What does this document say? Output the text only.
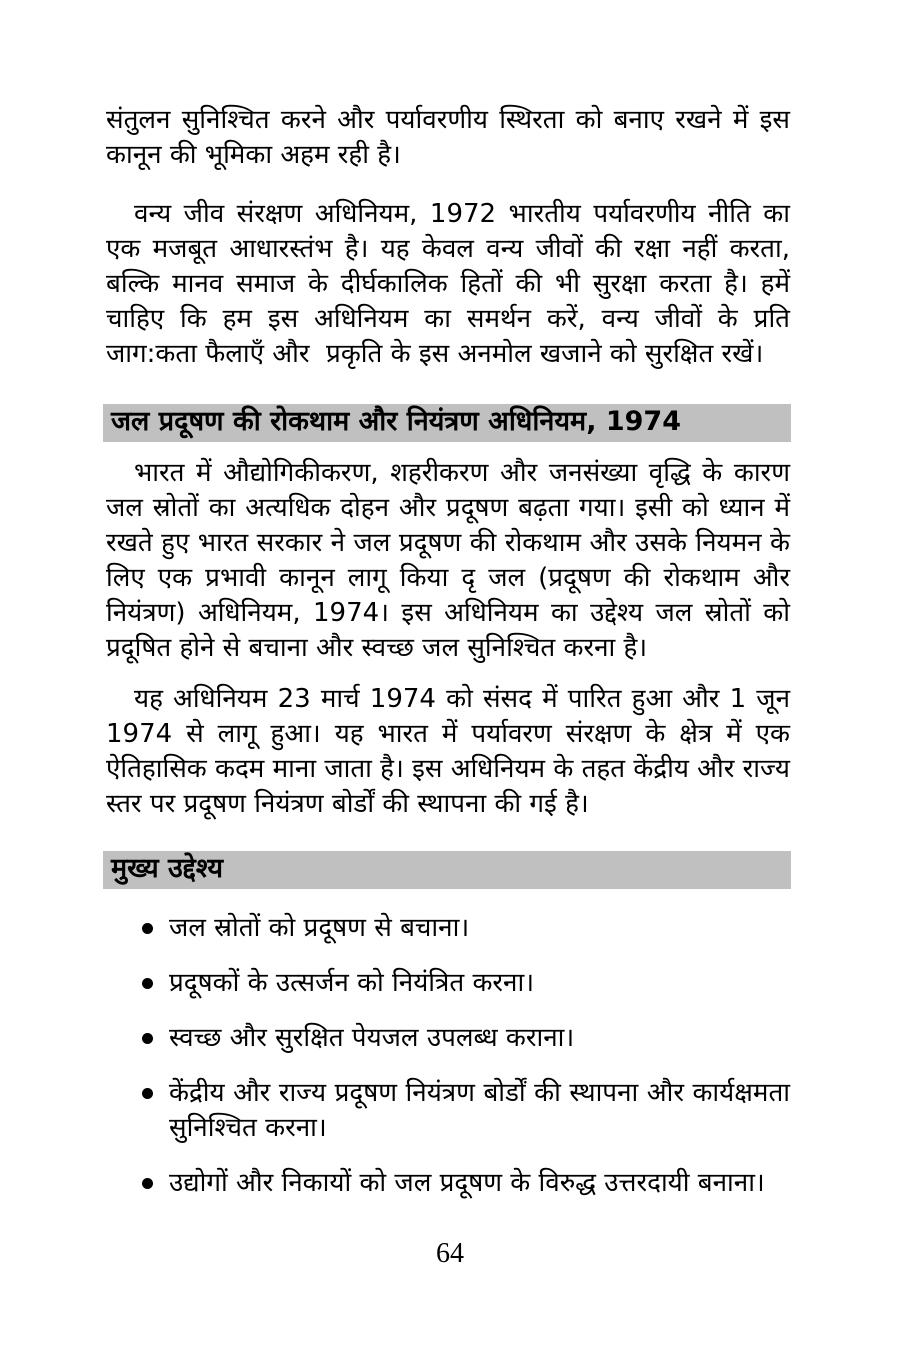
संतुलन सुनिश्चित करने और पर्यावरणीय स्थिरता को बनाए रखने में इस कानून की भूमिका अहम रही है।

वन्य जीव संरक्षण अधिनियम, 1972 भारतीय पर्यावरणीय नीति का एक मजबूत आधारस्तंभ है। यह केवल वन्य जीवों की रक्षा नहीं करता, बल्कि मानव समाज के दीर्घकालिक हितों की भी सुरक्षा करता है। हमें चाहिए कि हम इस अधिनियम का समर्थन करें, वन्य जीवों के प्रति जाग:कता फैलाएँ और  प्रकृति के इस अनमोल खजाने को सुरक्षित रखें।

जल प्रदूषण की रोकथाम और नियंत्रण अधिनियम, 1974

भारत में औद्योगिकीकरण, शहरीकरण और जनसंख्या वृद्धि के कारण जल स्रोतों का अत्यधिक दोहन और प्रदूषण बढ़ता गया। इसी को ध्यान में रखते हुए भारत सरकार ने जल प्रदूषण की रोकथाम और उसके नियमन के लिए एक प्रभावी कानून लागू किया दृ जल (प्रदूषण की रोकथाम और नियंत्रण) अधिनियम, 1974। इस अधिनियम का उद्देश्य जल स्रोतों को प्रदूषित होने से बचाना और स्वच्छ जल सुनिश्चित करना है।

यह अधिनियम 23 मार्च 1974 को संसद में पारित हुआ और 1 जून 1974 से लागू हुआ। यह भारत में पर्यावरण संरक्षण के क्षेत्र में एक ऐतिहासिक कदम माना जाता है। इस अधिनियम के तहत केंद्रीय और राज्य स्तर पर प्रदूषण नियंत्रण बोर्डों की स्थापना की गई है।

मुख्य उद्देश्य
जल स्रोतों को प्रदूषण से बचाना।
प्रदूषकों के उत्सर्जन को नियंत्रित करना।
स्वच्छ और सुरक्षित पेयजल उपलब्ध कराना।
केंद्रीय और राज्य प्रदूषण नियंत्रण बोर्डों की स्थापना और कार्यक्षमता सुनिश्चित करना।
उद्योगों और निकायों को जल प्रदूषण के विरुद्ध उत्तरदायी बनाना।
64
